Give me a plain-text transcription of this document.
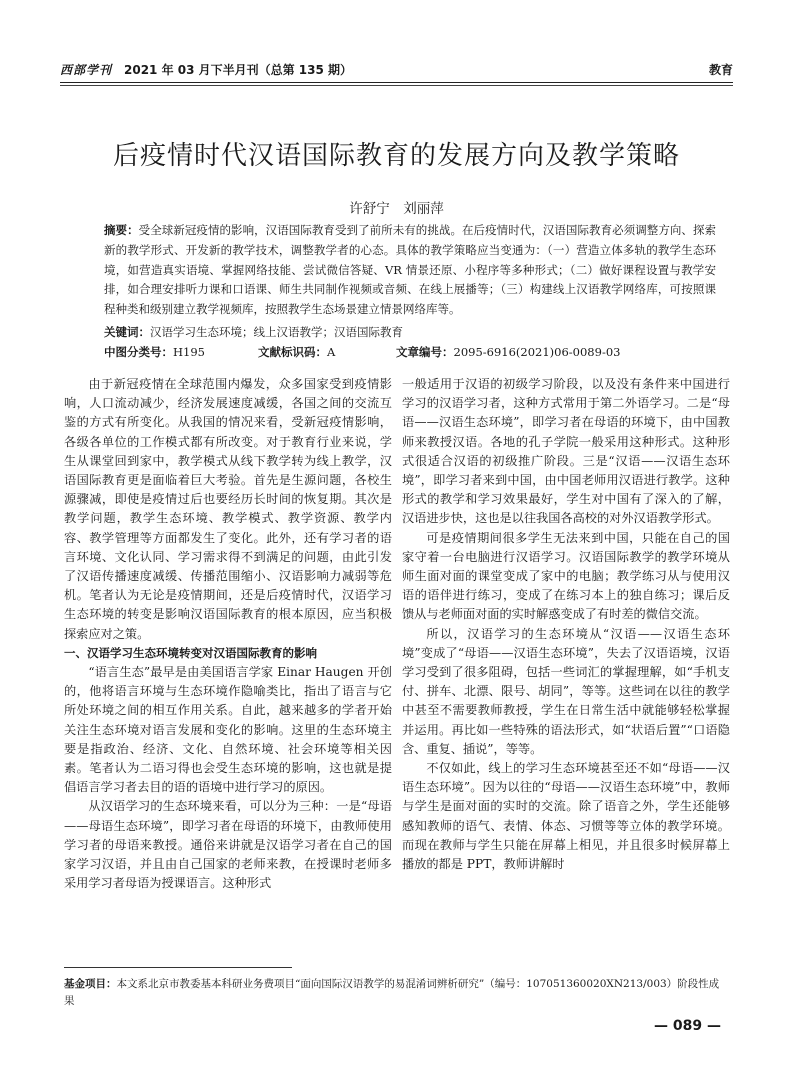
西部学刊 2021 年 03 月下半月刊（总第 135 期）	教育
后疫情时代汉语国际教育的发展方向及教学策略
许舒宁　刘丽萍
摘要：受全球新冠疫情的影响，汉语国际教育受到了前所未有的挑战。在后疫情时代，汉语国际教育必须调整方向、探索新的教学形式、开发新的教学技术，调整教学者的心态。具体的教学策略应当变通为：（一）营造立体多轨的教学生态环境，如营造真实语境、掌握网络技能、尝试微信答疑、VR 情景还原、小程序等多种形式；（二）做好课程设置与教学安排，如合理安排听力课和口语课、师生共同制作视频或音频、在线上展播等；（三）构建线上汉语教学网络库，可按照课程种类和级别建立教学视频库，按照教学生态场景建立情景网络库等。
关键词：汉语学习生态环境；线上汉语教学；汉语国际教育
中图分类号：H195	文献标识码：A	文章编号：2095-6916(2021)06-0089-03

由于新冠疫情在全球范围内爆发，众多国家受到疫情影响，人口流动减少，经济发展速度减缓，各国之间的交流互鉴的方式有所变化。从我国的情况来看，受新冠疫情影响，各级各单位的工作模式都有所改变。对于教育行业来说，学生从课堂回到家中，教学模式从线下教学转为线上教学，汉语国际教育更是面临着巨大考验。首先是生源问题，各校生源骤减，即使是疫情过后也要经历长时间的恢复期。其次是教学问题，教学生态环境、教学模式、教学资源、教学内容、教学管理等方面都发生了变化。此外，还有学习者的语言环境、文化认同、学习需求得不到满足的问题，由此引发了汉语传播速度减缓、传播范围缩小、汉语影响力减弱等危机。笔者认为无论是疫情期间，还是后疫情时代，汉语学习生态环境的转变是影响汉语国际教育的根本原因，应当积极探索应对之策。

一、汉语学习生态环境转变对汉语国际教育的影响

“语言生态”最早是由美国语言学家 Einar Haugen 开创的，他将语言环境与生态环境作隐喻类比，指出了语言与它所处环境之间的相互作用关系。自此，越来越多的学者开始关注生态环境对语言发展和变化的影响。这里的生态环境主要是指政治、经济、文化、自然环境、社会环境等相关因素。笔者认为二语习得也会受生态环境的影响，这也就是提倡语言学习者去目的语的语境中进行学习的原因。

从汉语学习的生态环境来看，可以分为三种：一是“母语——母语生态环境”，即学习者在母语的环境下，由教师使用学习者的母语来教授。通俗来讲就是汉语学习者在自己的国家学习汉语，并且由自己国家的老师来教，在授课时老师多采用学习者母语为授课语言。这种形式

一般适用于汉语的初级学习阶段，以及没有条件来中国进行学习的汉语学习者，这种方式常用于第二外语学习。二是“母语——汉语生态环境”，即学习者在母语的环境下，由中国教师来教授汉语。各地的孔子学院一般采用这种形式。这种形式很适合汉语的初级推广阶段。三是“汉语——汉语生态环境”，即学习者来到中国，由中国老师用汉语进行教学。这种形式的教学和学习效果最好，学生对中国有了深入的了解，汉语进步快，这也是以往我国各高校的对外汉语教学形式。

可是疫情期间很多学生无法来到中国，只能在自己的国家守着一台电脑进行汉语学习。汉语国际教学的教学环境从师生面对面的课堂变成了家中的电脑；教学练习从与使用汉语的语伴进行练习，变成了在练习本上的独自练习；课后反馈从与老师面对面的实时解惑变成了有时差的微信交流。

所以，汉语学习的生态环境从“汉语——汉语生态环境”变成了“母语——汉语生态环境”，失去了汉语语境，汉语学习受到了很多阻碍，包括一些词汇的掌握理解，如“手机支付、拼车、北漂、限号、胡同”，等等。这些词在以往的教学中甚至不需要教师教授，学生在日常生活中就能够轻松掌握并运用。再比如一些特殊的语法形式，如“状语后置”“口语隐含、重复、插说”，等等。

不仅如此，线上的学习生态环境甚至还不如“母语——汉语生态环境”。因为以往的“母语——汉语生态环境”中，教师与学生是面对面的实时的交流。除了语音之外，学生还能够感知教师的语气、表情、体态、习惯等等立体的教学环境。而现在教师与学生只能在屏幕上相见，并且很多时候屏幕上播放的都是 PPT，教师讲解时

基金项目：本文系北京市教委基本科研业务费项目“面向国际汉语教学的易混淆词辨析研究”（编号：107051360020XN213/003）阶段性成果
— 089 —
